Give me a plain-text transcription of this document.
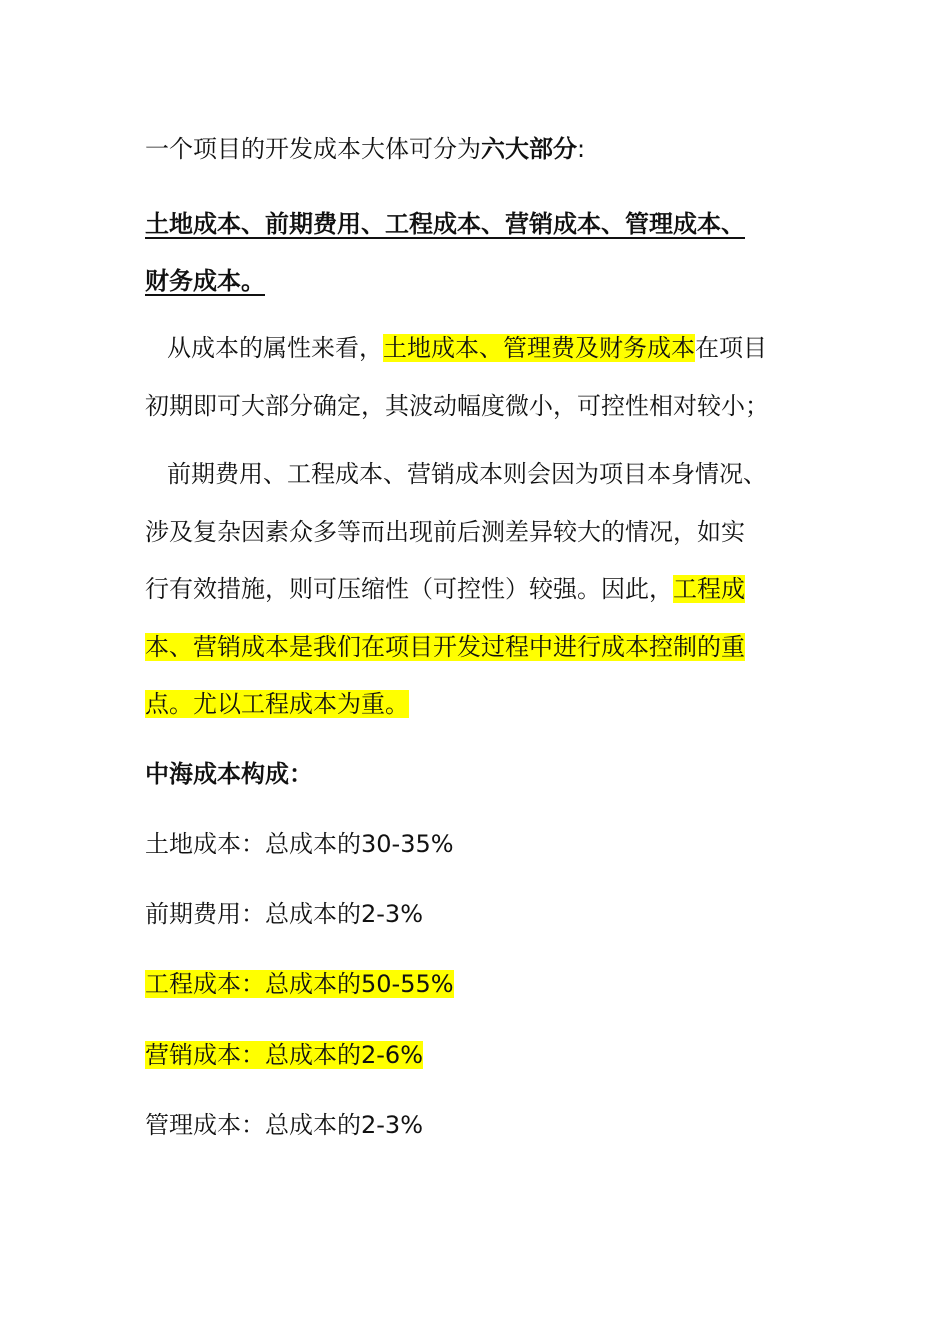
一个项目的开发成本大体可分为六大部分:
土地成本、前期费用、工程成本、营销成本、管理成本、
财务成本。
从成本的属性来看，土地成本、管理费及财务成本在项目
初期即可大部分确定，其波动幅度微小，可控性相对较小；
前期费用、工程成本、营销成本则会因为项目本身情况、
涉及复杂因素众多等而出现前后测差异较大的情况，如实
行有效措施，则可压缩性（可控性）较强。因此，工程成
本、营销成本是我们在项目开发过程中进行成本控制的重
点。尤以工程成本为重。
中海成本构成：
土地成本：总成本的30-35%
前期费用：总成本的2-3%
工程成本：总成本的50-55%
营销成本：总成本的2-6%
管理成本：总成本的2-3%
